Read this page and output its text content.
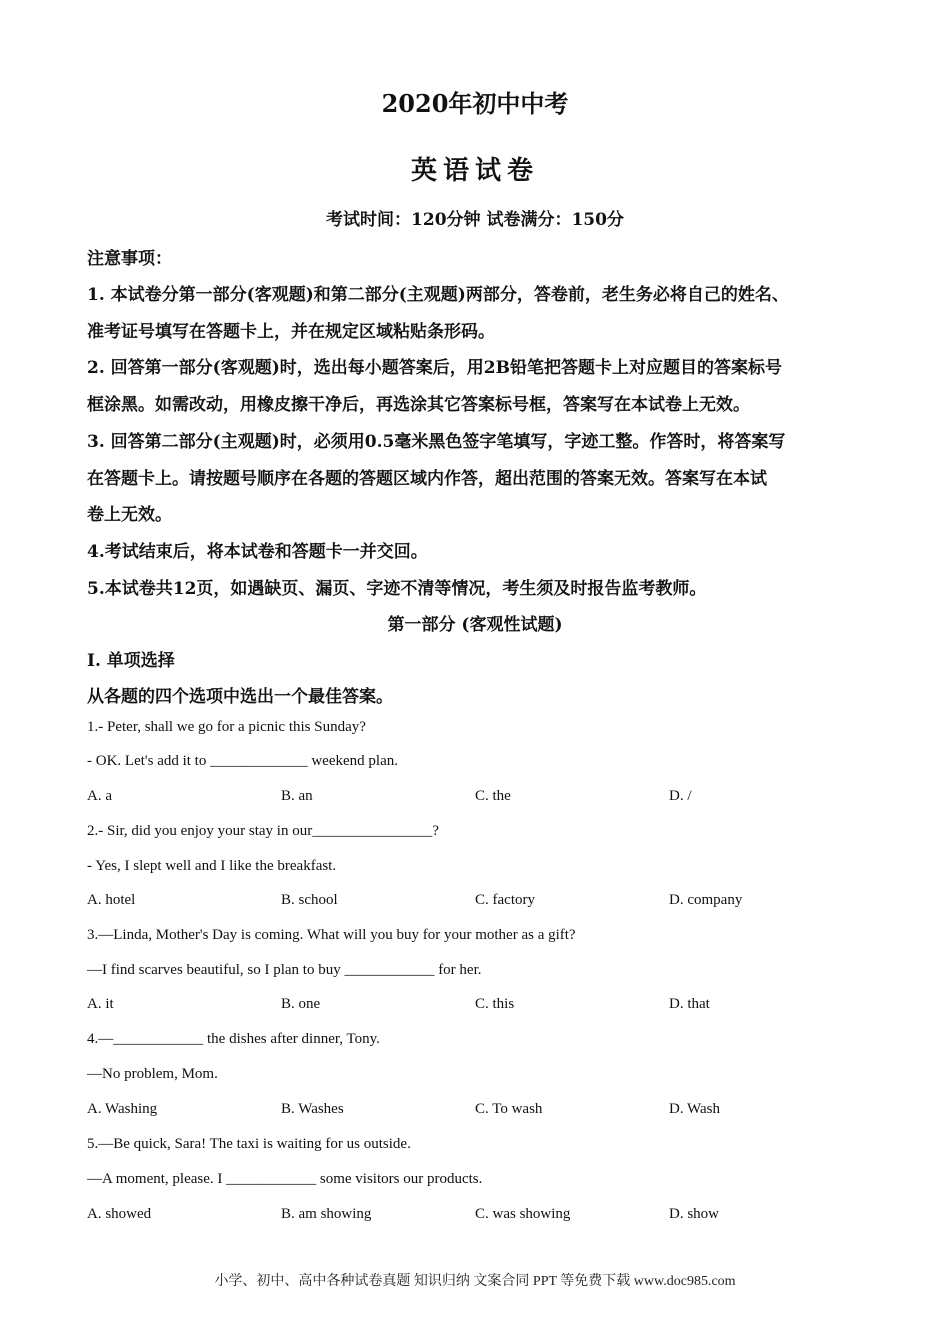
2020年初中中考
英语试卷
考试时间：120分钟 试卷满分：150分
注意事项：
1. 本试卷分第一部分(客观题)和第二部分(主观题)两部分，答卷前，老生务必将自己的姓名、
准考证号填写在答题卡上，并在规定区域粘贴条形码。
2. 回答第一部分(客观题)时，选出每小题答案后，用2B铅笔把答题卡上对应题目的答案标号
框涂黑。如需改动，用橡皮擦干净后，再选涂其它答案标号框，答案写在本试卷上无效。
3. 回答第二部分(主观题)时，必须用0.5毫米黑色签字笔填写，字迹工整。作答时，将答案写
在答题卡上。请按题号顺序在各题的答题区域内作答，超出范围的答案无效。答案写在本试
卷上无效。
4.考试结束后，将本试卷和答题卡一并交回。
5.本试卷共12页，如遇缺页、漏页、字迹不清等情况，考生须及时报告监考教师。
第一部分 (客观性试题)
I. 单项选择
从各题的四个选项中选出一个最佳答案。
1.- Peter, shall we go for a picnic this Sunday?
- OK. Let's add it to _____________ weekend plan.
A. a	B. an	C. the	D. /
2.- Sir, did you enjoy your stay in our________________?
- Yes, I slept well and I like the breakfast.
A. hotel	B. school	C. factory	D. company
3.—Linda, Mother's Day is coming. What will you buy for your mother as a gift?
—I find scarves beautiful, so I plan to buy ____________ for her.
A. it	B. one	C. this	D. that
4.—____________ the dishes after dinner, Tony.
—No problem, Mom.
A. Washing	B. Washes	C. To wash	D. Wash
5.—Be quick, Sara! The taxi is waiting for us outside.
—A moment, please. I ____________ some visitors our products.
A. showed	B. am showing	C. was showing	D. show
小学、初中、高中各种试卷真题 知识归纳 文案合同 PPT 等免费下载 www.doc985.com
